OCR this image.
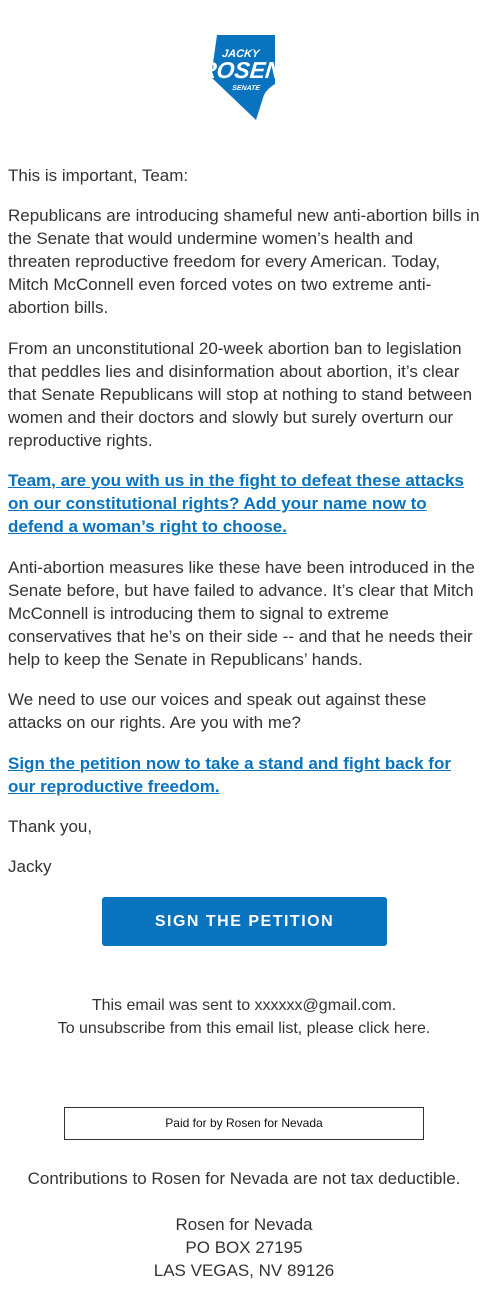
JACKY
ROSEN
SENATE

This is important, Team:

Republicans are introducing shameful new anti-abortion bills in the Senate that would undermine women’s health and threaten reproductive freedom for every American. Today, Mitch McConnell even forced votes on two extreme anti-abortion bills.

From an unconstitutional 20-week abortion ban to legislation that peddles lies and disinformation about abortion, it’s clear that Senate Republicans will stop at nothing to stand between women and their doctors and slowly but surely overturn our reproductive rights.

Team, are you with us in the fight to defeat these attacks on our constitutional rights? Add your name now to defend a woman’s right to choose.

Anti-abortion measures like these have been introduced in the Senate before, but have failed to advance. It’s clear that Mitch McConnell is introducing them to signal to extreme conservatives that he’s on their side -- and that he needs their help to keep the Senate in Republicans’ hands.

We need to use our voices and speak out against these attacks on our rights. Are you with me?

Sign the petition now to take a stand and fight back for our reproductive freedom.

Thank you,

Jacky

SIGN THE PETITION
This email was sent to xxxxxx@gmail.com.
To unsubscribe from this email list, please click here.
Paid for by Rosen for Nevada
Contributions to Rosen for Nevada are not tax deductible.
Rosen for Nevada
PO BOX 27195
LAS VEGAS, NV 89126
